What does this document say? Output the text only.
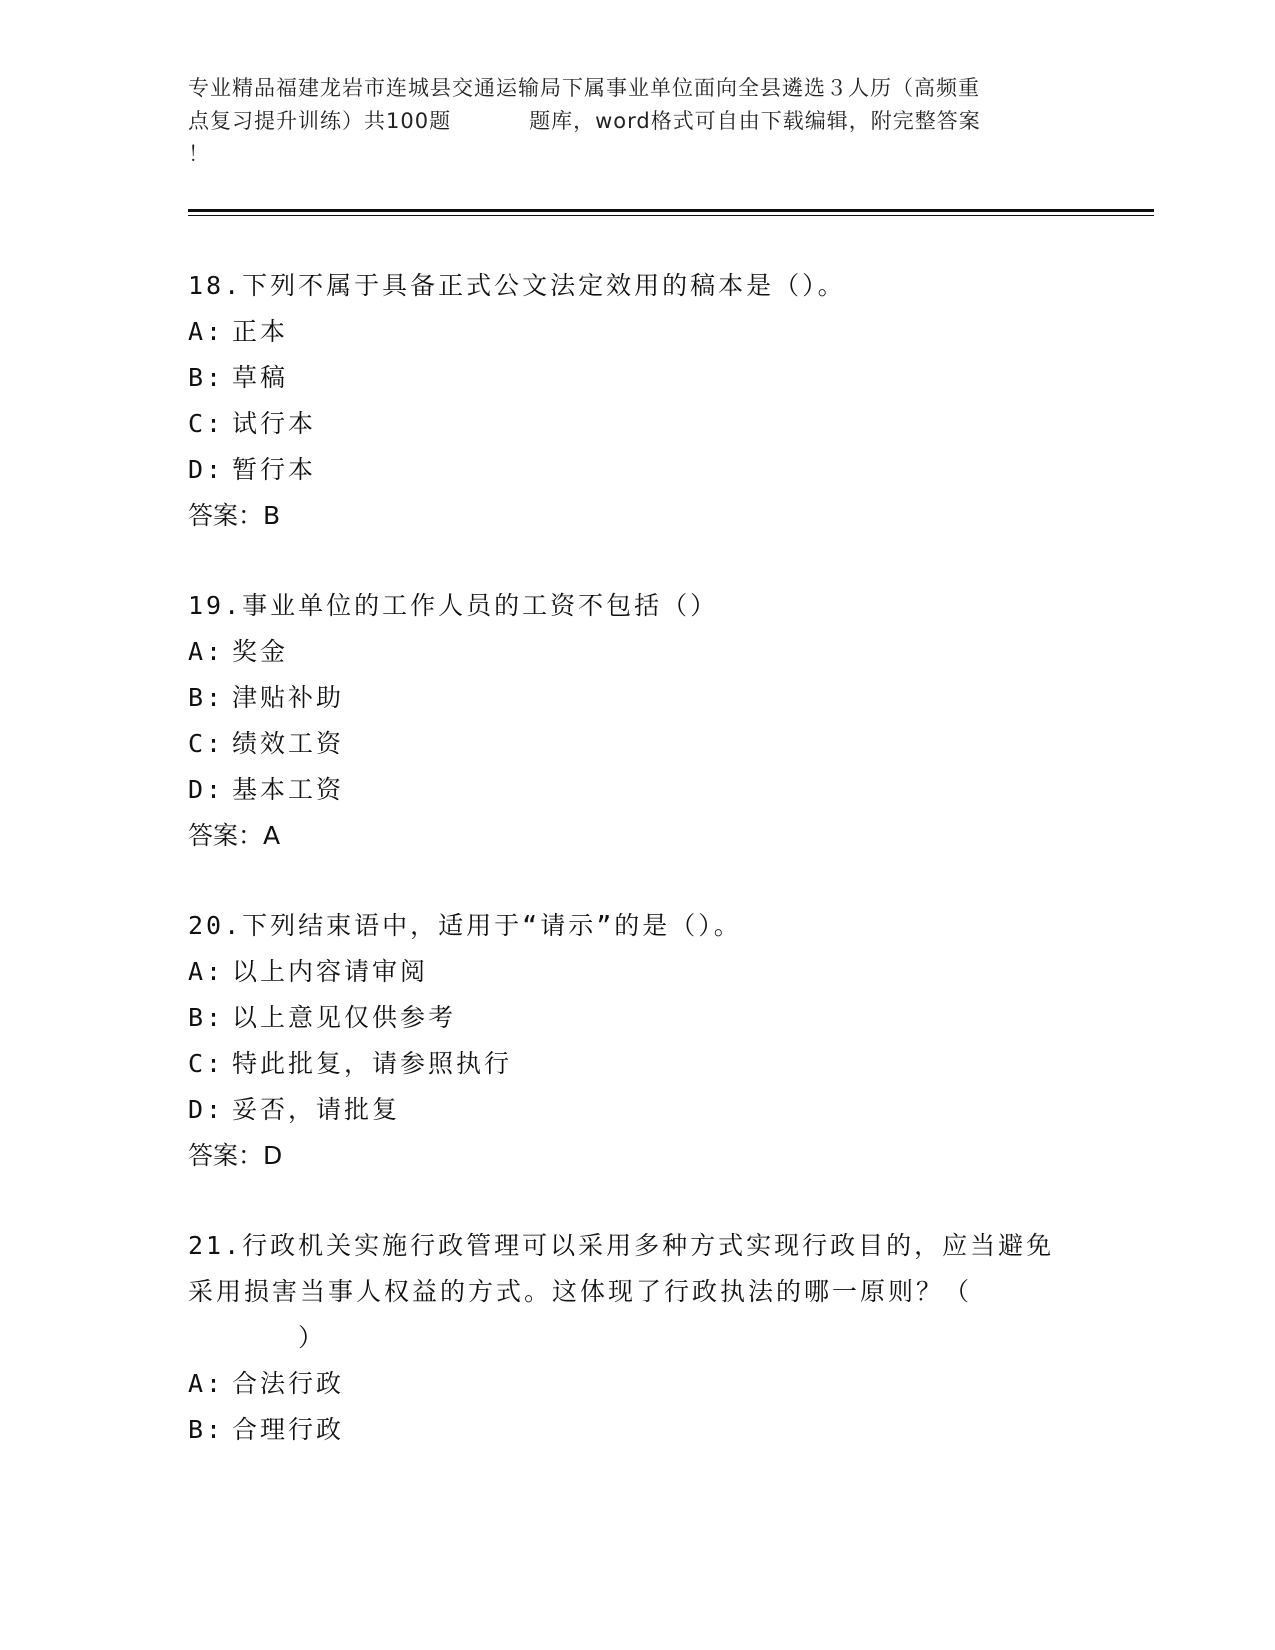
专业精品福建龙岩市连城县交通运输局下属事业单位面向全县遴选３人历（高频重
点复习提升训练）共100题	题库，word格式可自由下载编辑，附完整答案
！

18.下列不属于具备正式公文法定效用的稿本是（）。

A: 正本
B: 草稿
C: 试行本
D: 暂行本
答案：B

19.事业单位的工作人员的工资不包括（）

A: 奖金
B: 津贴补助
C: 绩效工资
D: 基本工资
答案：A

20.下列结束语中，适用于“请示”的是（）。

A: 以上内容请审阅
B: 以上意见仅供参考
C: 特此批复，请参照执行
D: 妥否，请批复
答案：D

21.行政机关实施行政管理可以采用多种方式实现行政目的，应当避免
采用损害当事人权益的方式。这体现了行政执法的哪一原则？（
）

A: 合法行政
B: 合理行政
